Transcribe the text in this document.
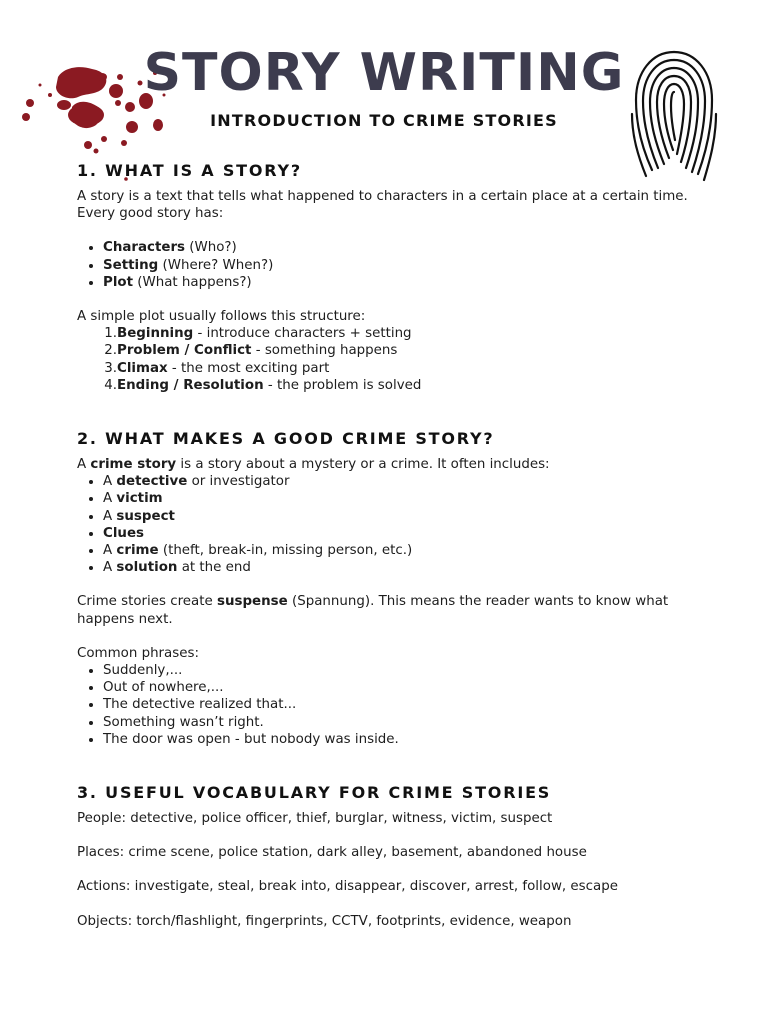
STORY WRITING
INTRODUCTION TO CRIME STORIES
1. WHAT IS A STORY?

A story is a text that tells what happened to characters in a certain place at a certain time. Every good story has:

• Characters (Who?)
• Setting (Where? When?)
• Plot (What happens?)

A simple plot usually follows this structure:

1.Beginning - introduce characters + setting
2.Problem / Conflict - something happens
3.Climax - the most exciting part
4.Ending / Resolution - the problem is solved
2. WHAT MAKES A GOOD CRIME STORY?

A crime story is a story about a mystery or a crime. It often includes:

• A detective or investigator
• A victim
• A suspect
• Clues
• A crime (theft, break-in, missing person, etc.)
• A solution at the end

Crime stories create suspense (Spannung). This means the reader wants to know what happens next.

Common phrases:

• Suddenly,...
• Out of nowhere,...
• The detective realized that...
• Something wasn’t right.
• The door was open - but nobody was inside.
3. USEFUL VOCABULARY FOR CRIME STORIES

People: detective, police officer, thief, burglar, witness, victim, suspect

Places: crime scene, police station, dark alley, basement, abandoned house

Actions: investigate, steal, break into, disappear, discover, arrest, follow, escape

Objects: torch/flashlight, fingerprints, CCTV, footprints, evidence, weapon
